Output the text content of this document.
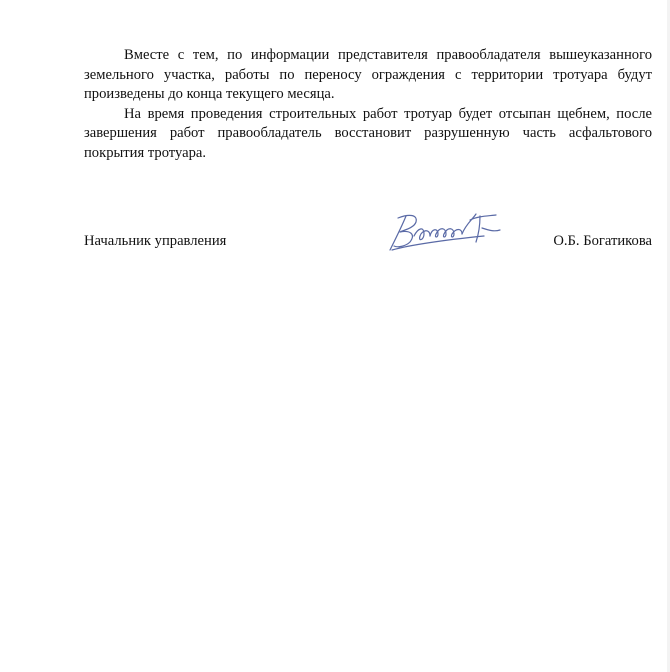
Вместе с тем, по информации представителя правообладателя вышеуказанного земельного участка, работы по переносу ограждения с территории тротуара будут произведены до конца текущего месяца.

На время проведения строительных работ тротуар будет отсыпан щебнем, после завершения работ правообладатель восстановит разрушенную часть асфальтового покрытия тротуара.

Начальник управления	О.Б. Богатикова
